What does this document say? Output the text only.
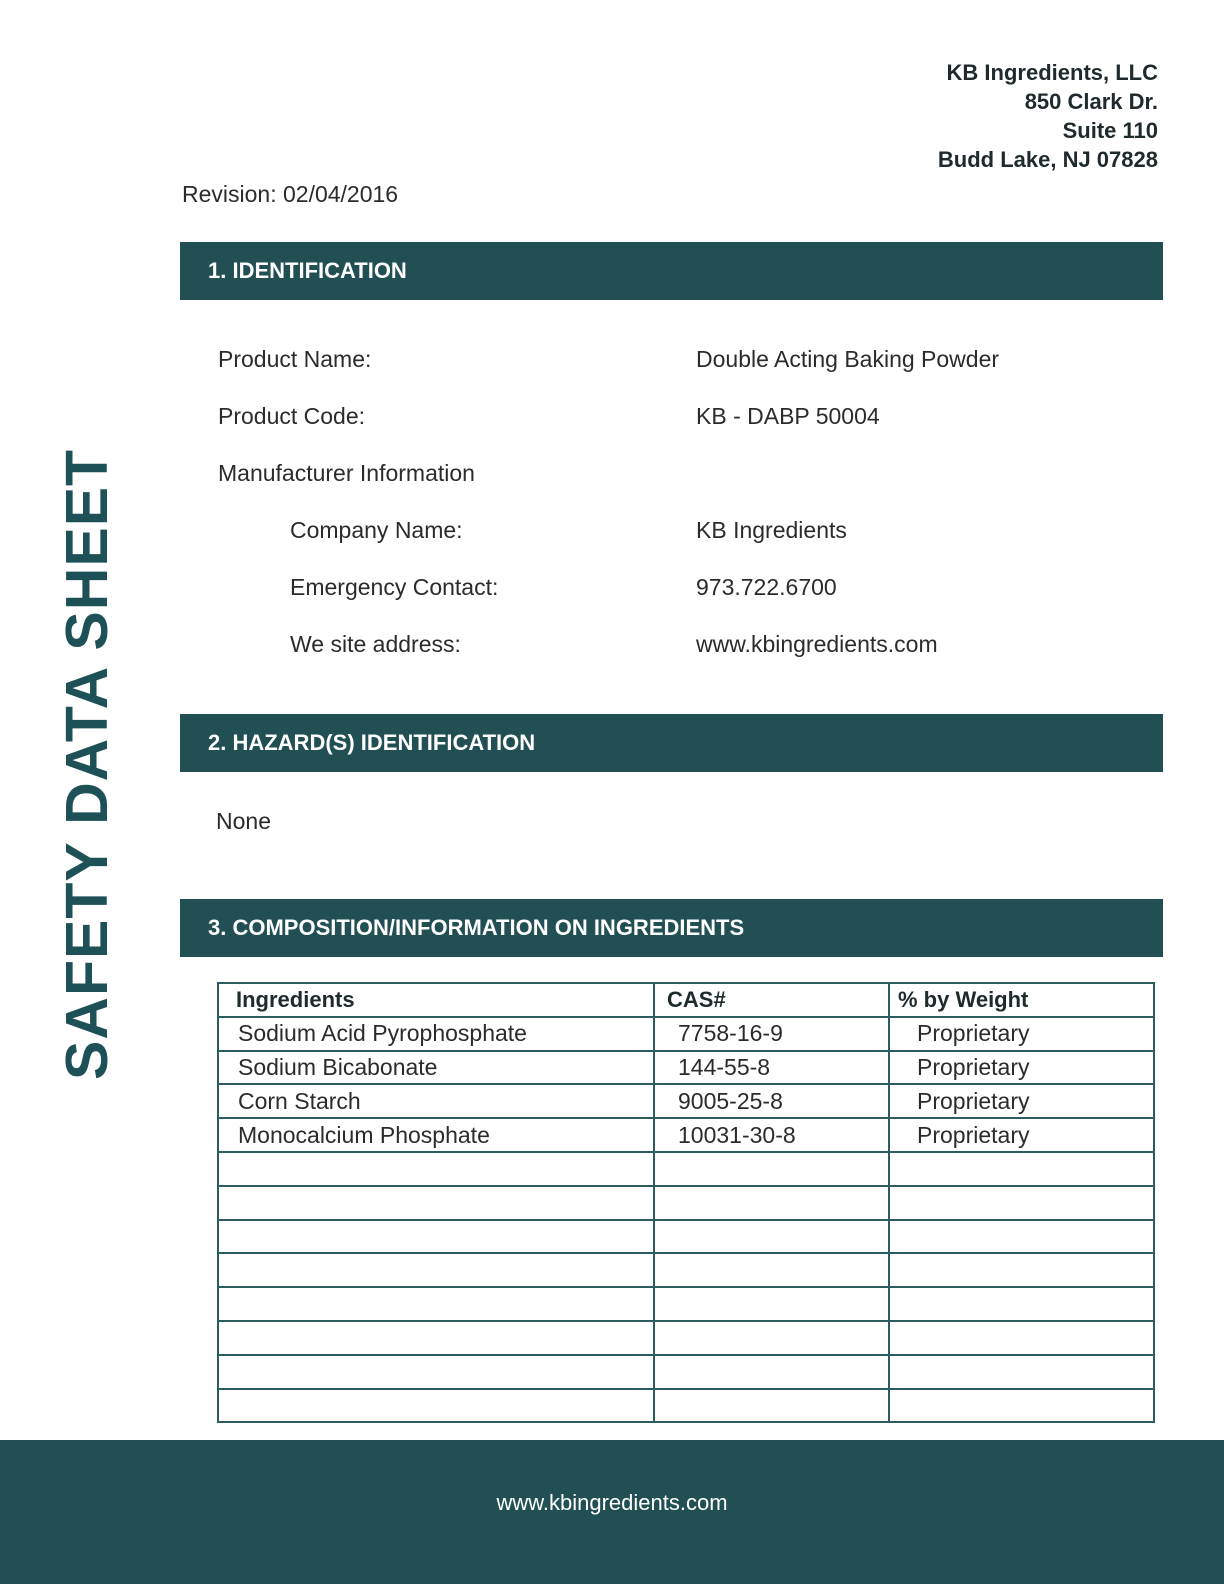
KB Ingredients, LLC
850 Clark Dr.
Suite 110
Budd Lake, NJ 07828
Revision: 02/04/2016
SAFETY DATA SHEET
1. IDENTIFICATION
Product Name:	Double Acting Baking Powder
Product Code:	KB - DABP 50004
Manufacturer Information
Company Name:	KB Ingredients
Emergency Contact:	973.722.6700
We site address:	www.kbingredients.com
2. HAZARD(S) IDENTIFICATION
None
3. COMPOSITION/INFORMATION ON INGREDIENTS
Ingredients	CAS#	% by Weight
Sodium Acid Pyrophosphate	7758-16-9	Proprietary
Sodium Bicabonate	144-55-8	Proprietary
Corn Starch	9005-25-8	Proprietary
Monocalcium Phosphate	10031-30-8	Proprietary

www.kbingredients.com
